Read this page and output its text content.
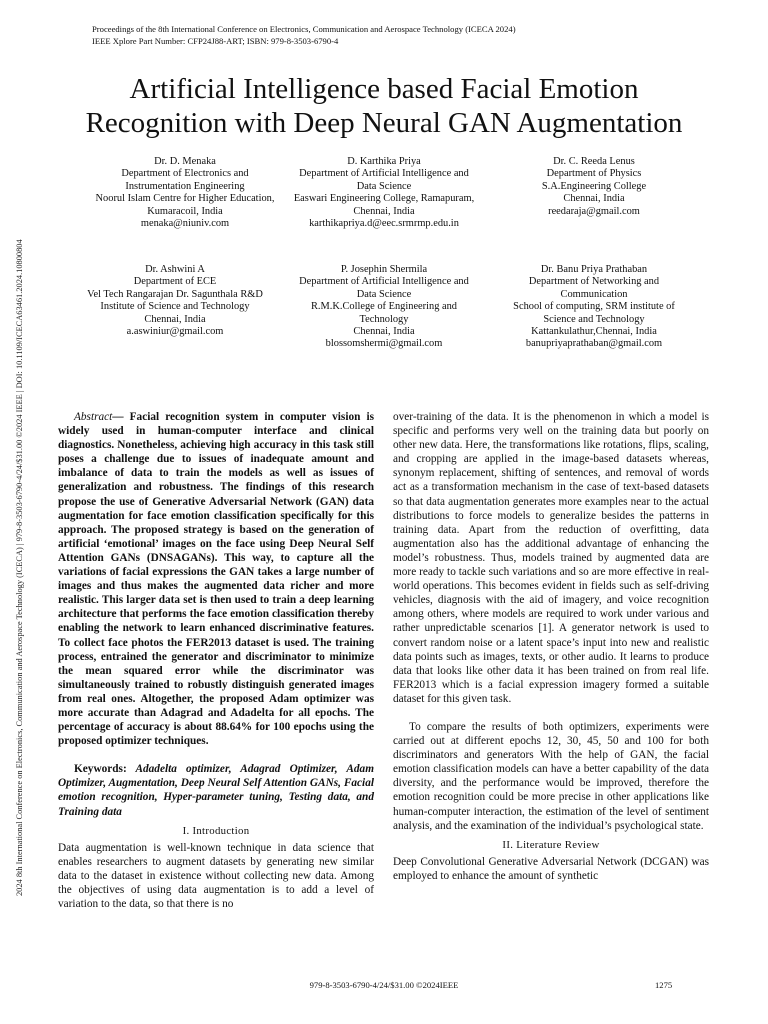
Proceedings of the 8th International Conference on Electronics, Communication and Aerospace Technology (ICECA 2024)
IEEE Xplore Part Number: CFP24J88-ART; ISBN: 979-8-3503-6790-4
2024 8th International Conference on Electronics, Communication and Aerospace Technology (ICECA) | 979-8-3503-6790-4/24/$31.00 ©2024 IEEE | DOI: 10.1109/ICECA63461.2024.10800804
Artificial Intelligence based Facial Emotion
Recognition with Deep Neural GAN Augmentation
Dr. D. Menaka
Department of Electronics and
Instrumentation Engineering
Noorul Islam Centre for Higher Education,
Kumaracoil, India
menaka@niuniv.com
D. Karthika Priya
Department of Artificial Intelligence and
Data Science
Easwari Engineering College, Ramapuram,
Chennai, India
karthikapriya.d@eec.srmrmp.edu.in
Dr. C. Reeda Lenus
Department of Physics
S.A.Engineering College
Chennai, India
reedaraja@gmail.com
Dr. Ashwini A
Department of ECE
Vel Tech Rangarajan Dr. Sagunthala R&D
Institute of Science and Technology
Chennai, India
a.aswiniur@gmail.com
P. Josephin Shermila
Department of Artificial Intelligence and
Data Science
R.M.K.College of Engineering and
Technology
Chennai, India
blossomshermi@gmail.com
Dr. Banu Priya Prathaban
Department of Networking and
Communication
School of computing, SRM institute of
Science and Technology
Kattankulathur,Chennai, India
banupriyaprathaban@gmail.com

Abstract— Facial recognition system in computer vision is widely used in human-computer interface and clinical diagnostics. Nonetheless, achieving high accuracy in this task still poses a challenge due to issues of inadequate amount and imbalance of data to train the models as well as issues of generalization and robustness. The findings of this research propose the use of Generative Adversarial Network (GAN) data augmentation for face emotion classification specifically for this approach. The proposed strategy is based on the generation of artificial ‘emotional’ images on the face using Deep Neural Self Attention GANs (DNSAGANs). This way, to capture all the variations of facial expressions the GAN takes a large number of images and thus makes the augmented data richer and more realistic. This larger data set is then used to train a deep learning architecture that performs the face emotion classification thereby enabling the network to learn enhanced discriminative features. To collect face photos the FER2013 dataset is used. The training process, entrained the generator and discriminator to minimize the mean squared error while the discriminator was simultaneously trained to robustly distinguish generated images from real ones. Altogether, the proposed Adam optimizer was more accurate than Adagrad and Adadelta for all epochs. The percentage of accuracy is about 88.64% for 100 epochs using the proposed optimizer techniques.

Keywords: Adadelta optimizer, Adagrad Optimizer, Adam Optimizer, Augmentation, Deep Neural Self Attention GANs, Facial emotion recognition, Hyper-parameter tuning, Testing data, and Training data

I. Introduction

Data augmentation is well-known technique in data science that enables researchers to augment datasets by generating new similar data to the dataset in existence without collecting new data. Among the objectives of using data augmentation is to add a level of variation to the data, so that there is no

over-training of the data. It is the phenomenon in which a model is specific and performs very well on the training data but poorly on other new data. Here, the transformations like rotations, flips, scaling, and cropping are applied in the image-based datasets whereas, synonym replacement, shifting of sentences, and removal of words act as a transformation mechanism in the case of text-based datasets so that data augmentation generates more examples near to the actual distributions to force models to generalize besides the patterns in training data. Apart from the reduction of overfitting, data augmentation also has the additional advantage of enhancing the model’s robustness. Thus, models trained by augmented data are more ready to tackle such variations and so are more effective in real-world operations. This becomes evident in fields such as self-driving vehicles, diagnosis with the aid of imagery, and voice recognition among others, where models are required to work under various and rather unpredictable scenarios [1]. A generator network is used to convert random noise or a latent space’s input into new and realistic data points such as images, texts, or other audio. It learns to produce data that looks like other data it has been trained on from real life. FER2013 which is a facial expression imagery formed a suitable dataset for this given task.

To compare the results of both optimizers, experiments were carried out at different epochs 12, 30, 45, 50 and 100 for both discriminators and generators With the help of GAN, the facial emotion classification models can have a better capability of the data diversity, and the performance would be improved, therefore the emotion recognition could be more precise in other applications like human-computer interaction, the estimation of the level of sentiment analysis, and the examination of the individual’s psychological state.

II. Literature Review

Deep Convolutional Generative Adversarial Network (DCGAN) was employed to enhance the amount of synthetic

979-8-3503-6790-4/24/$31.00 ©2024IEEE	1275
